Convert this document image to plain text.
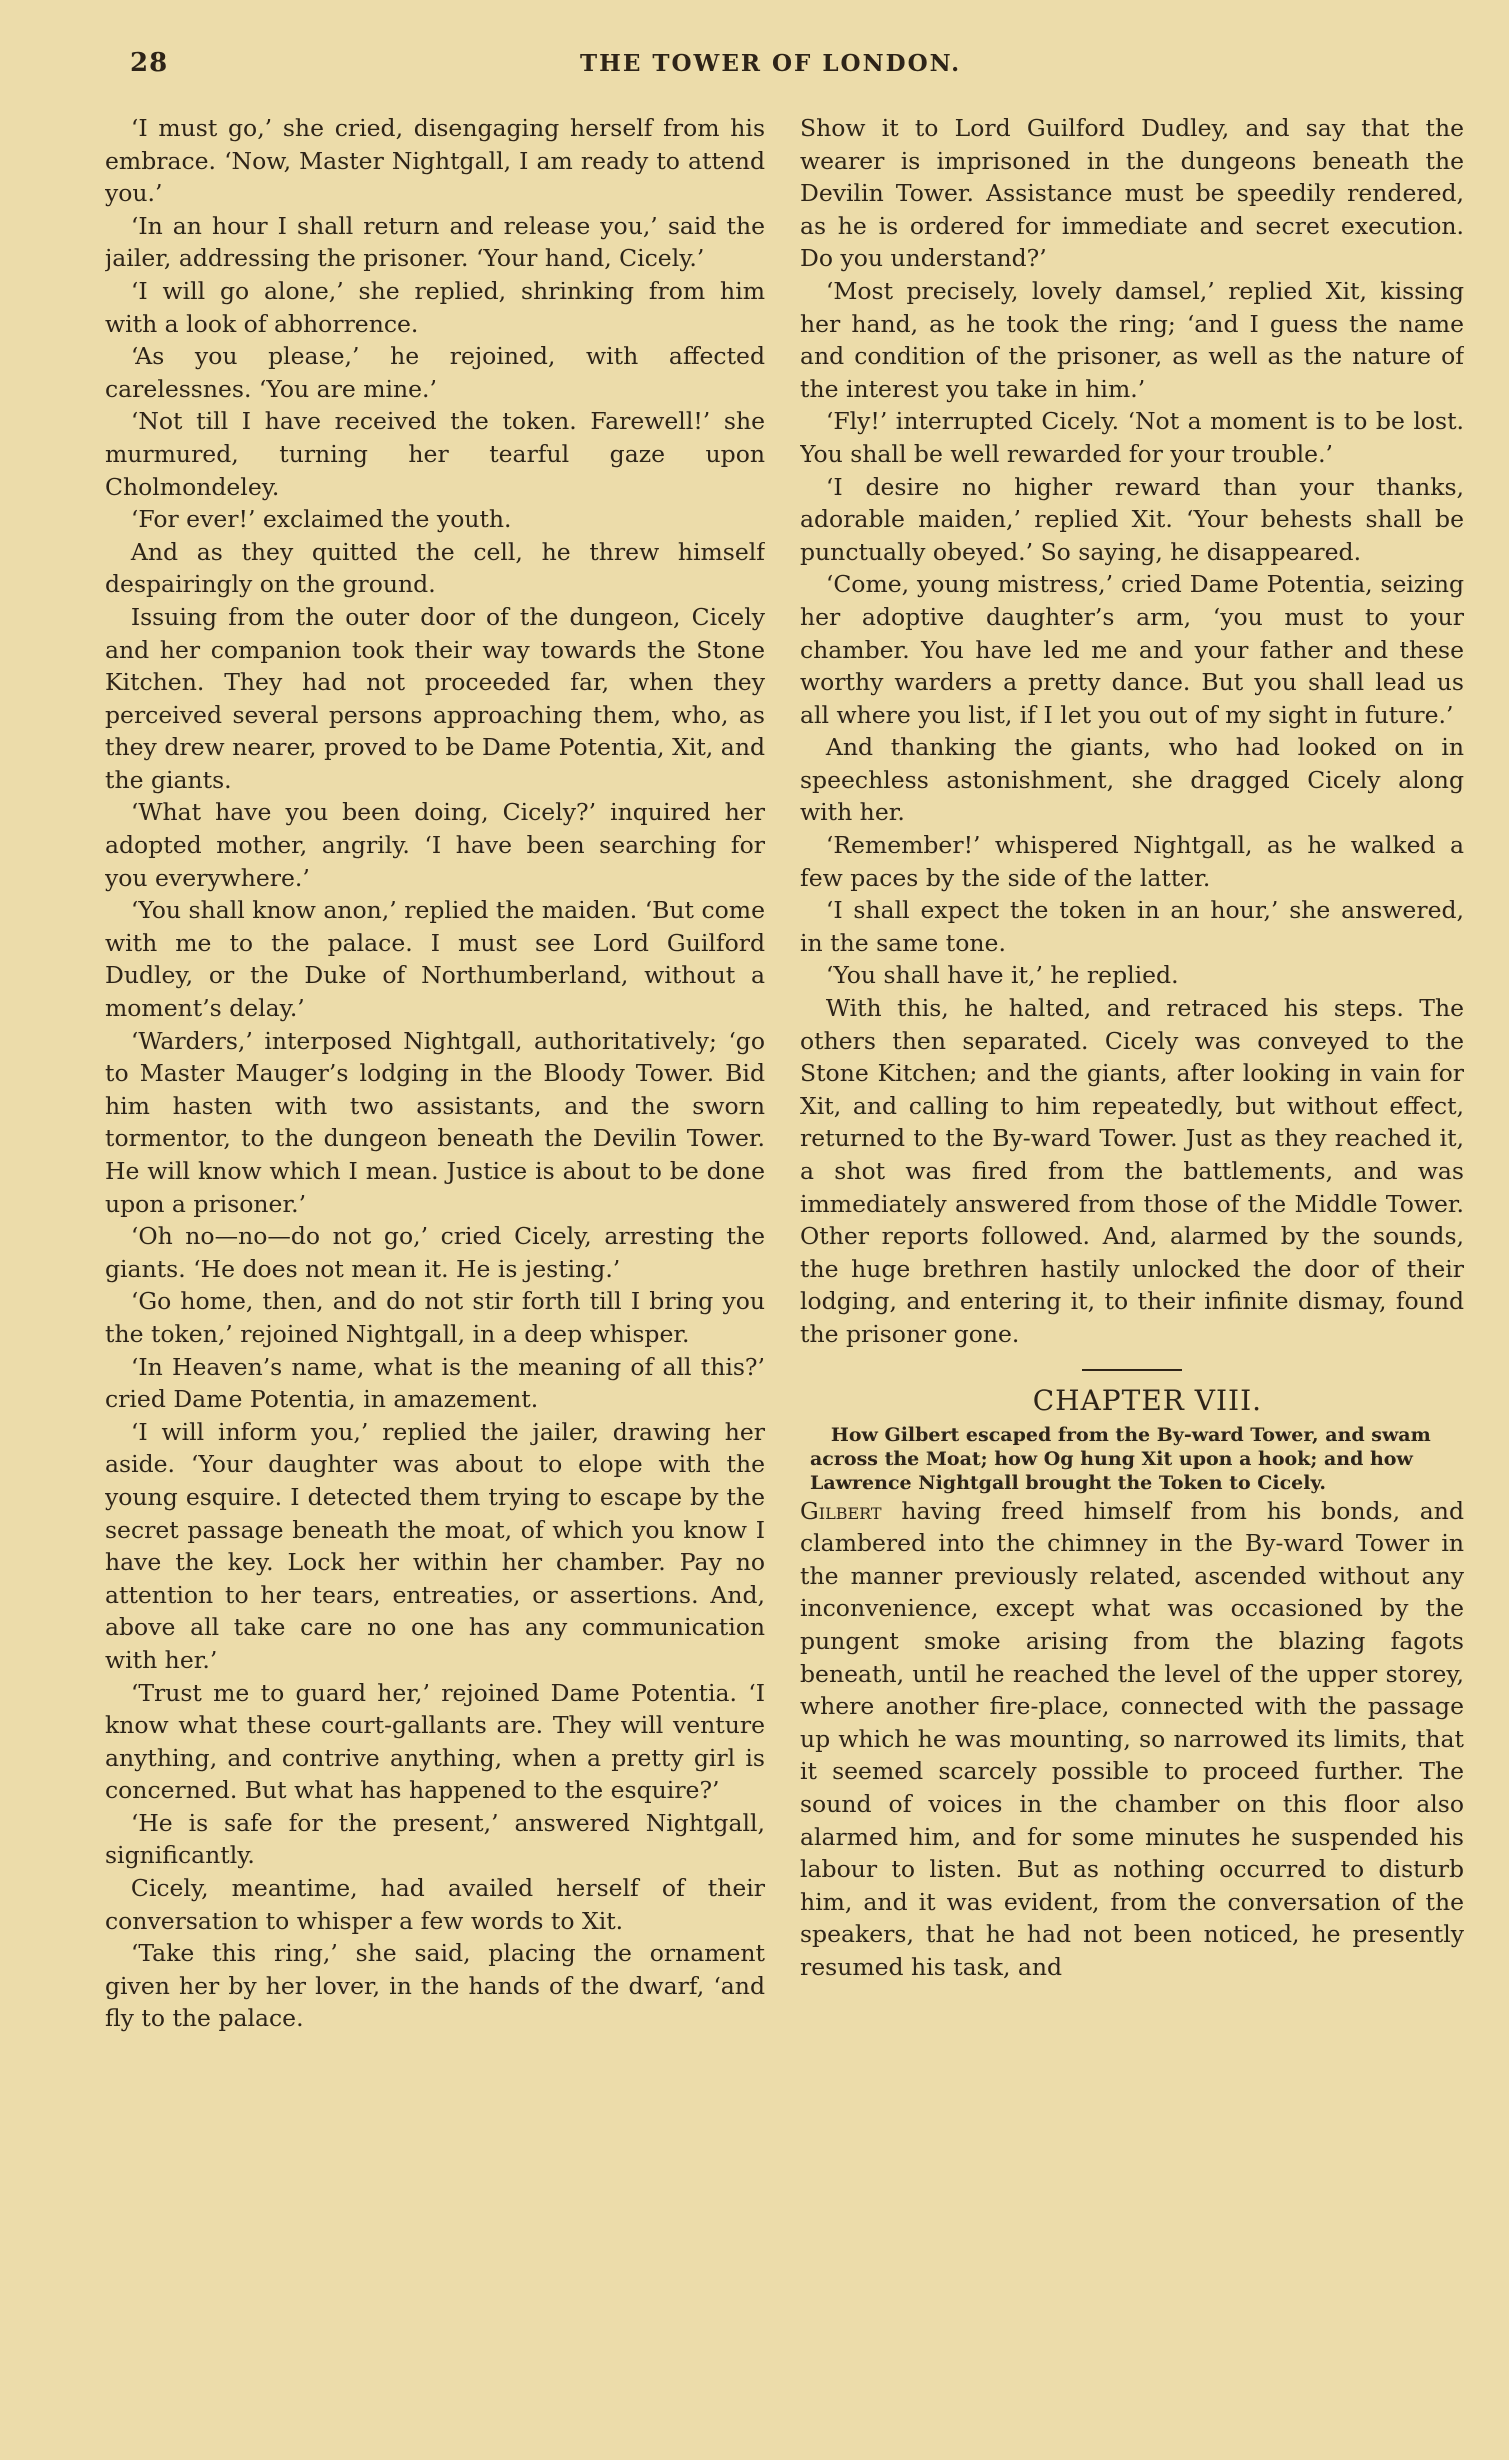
28	THE TOWER OF LONDON.

‘I must go,’ she cried, disengaging herself from his embrace. ‘Now, Master Nightgall, I am ready to attend you.’

‘In an hour I shall return and release you,’ said the jailer, addressing the prisoner. ‘Your hand, Cicely.’

‘I will go alone,’ she replied, shrinking from him with a look of abhorrence.

‘As you please,’ he rejoined, with affected carelessnes. ‘You are mine.’

‘Not till I have received the token. Farewell!’ she murmured, turning her tearful gaze upon Cholmondeley.

‘For ever!’ exclaimed the youth.

And as they quitted the cell, he threw himself despairingly on the ground.

Issuing from the outer door of the dungeon, Cicely and her companion took their way towards the Stone Kitchen. They had not proceeded far, when they perceived several persons approaching them, who, as they drew nearer, proved to be Dame Potentia, Xit, and the giants.

‘What have you been doing, Cicely?’ inquired her adopted mother, angrily. ‘I have been searching for you everywhere.’

‘You shall know anon,’ replied the maiden. ‘But come with me to the palace. I must see Lord Guilford Dudley, or the Duke of Northumberland, without a moment’s delay.’

‘Warders,’ interposed Nightgall, authoritatively; ‘go to Master Mauger’s lodging in the Bloody Tower. Bid him hasten with two assistants, and the sworn tormentor, to the dungeon beneath the Devilin Tower. He will know which I mean. Justice is about to be done upon a prisoner.’

‘Oh no—no—do not go,’ cried Cicely, arresting the giants. ‘He does not mean it. He is jesting.’

‘Go home, then, and do not stir forth till I bring you the token,’ rejoined Nightgall, in a deep whisper.

‘In Heaven’s name, what is the meaning of all this?’ cried Dame Potentia, in amazement.

‘I will inform you,’ replied the jailer, drawing her aside. ‘Your daughter was about to elope with the young esquire. I detected them trying to escape by the secret passage beneath the moat, of which you know I have the key. Lock her within her chamber. Pay no attention to her tears, entreaties, or assertions. And, above all take care no one has any communication with her.’

‘Trust me to guard her,’ rejoined Dame Potentia. ‘I know what these court-gallants are. They will venture anything, and contrive anything, when a pretty girl is concerned. But what has happened to the esquire?’

‘He is safe for the present,’ answered Nightgall, significantly.

Cicely, meantime, had availed herself of their conversation to whisper a few words to Xit.

‘Take this ring,’ she said, placing the ornament given her by her lover, in the hands of the dwarf, ‘and fly to the palace.

Show it to Lord Guilford Dudley, and say that the wearer is imprisoned in the dungeons beneath the Devilin Tower. Assistance must be speedily rendered, as he is ordered for immediate and secret execution. Do you understand?’

‘Most precisely, lovely damsel,’ replied Xit, kissing her hand, as he took the ring; ‘and I guess the name and condition of the prisoner, as well as the nature of the interest you take in him.’

‘Fly!’ interrupted Cicely. ‘Not a moment is to be lost. You shall be well rewarded for your trouble.’

‘I desire no higher reward than your thanks, adorable maiden,’ replied Xit. ‘Your behests shall be punctually obeyed.’ So saying, he disappeared.

‘Come, young mistress,’ cried Dame Potentia, seizing her adoptive daughter’s arm, ‘you must to your chamber. You have led me and your father and these worthy warders a pretty dance. But you shall lead us all where you list, if I let you out of my sight in future.’

And thanking the giants, who had looked on in speechless astonishment, she dragged Cicely along with her.

‘Remember!’ whispered Nightgall, as he walked a few paces by the side of the latter.

‘I shall expect the token in an hour,’ she answered, in the same tone.

‘You shall have it,’ he replied.

With this, he halted, and retraced his steps. The others then separated. Cicely was conveyed to the Stone Kitchen; and the giants, after looking in vain for Xit, and calling to him repeatedly, but without effect, returned to the By-ward Tower. Just as they reached it, a shot was fired from the battlements, and was immediately answered from those of the Middle Tower. Other reports followed. And, alarmed by the sounds, the huge brethren hastily unlocked the door of their lodging, and entering it, to their infinite dismay, found the prisoner gone.

CHAPTER VIII.

How Gilbert escaped from the By-ward Tower, and swam across the Moat; how Og hung Xit upon a hook; and how Lawrence Nightgall brought the Token to Cicely.

Gilbert having freed himself from his bonds, and clambered into the chimney in the By-ward Tower in the manner previously related, ascended without any inconvenience, except what was occasioned by the pungent smoke arising from the blazing fagots beneath, until he reached the level of the upper storey, where another fire-place, connected with the passage up which he was mounting, so narrowed its limits, that it seemed scarcely possible to proceed further. The sound of voices in the chamber on this floor also alarmed him, and for some minutes he suspended his labour to listen. But as nothing occurred to disturb him, and it was evident, from the conversation of the speakers, that he had not been noticed, he presently resumed his task, and
